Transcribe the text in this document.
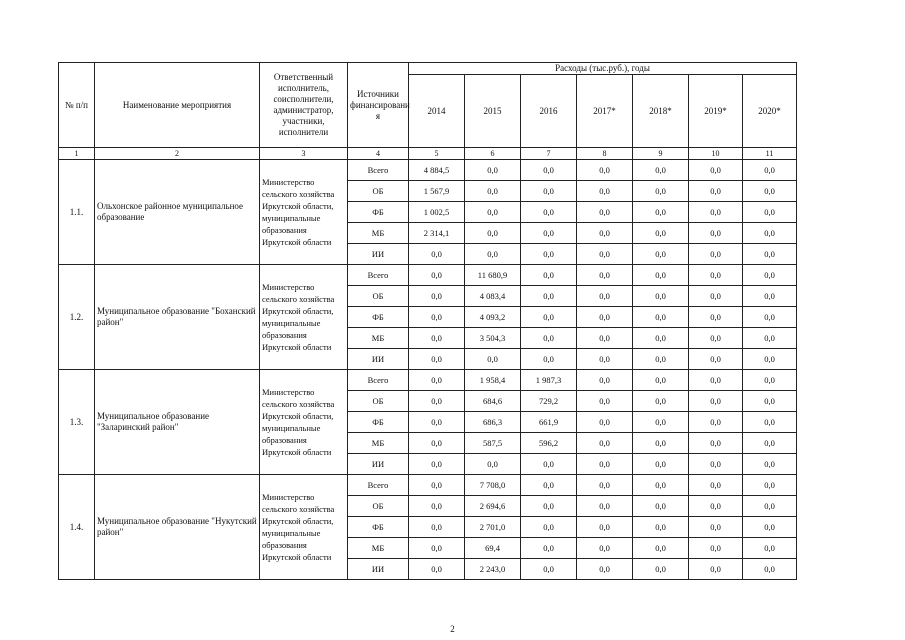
№ п/п	Наименование мероприятия	Ответственный исполнитель, соисполнители, администратор, участники, исполнители	Источники финансировани я	Расходы (тыс.руб.), годы						
				2014	2015	2016	2017*	2018*	2019*	2020*
1	2	3	4	5	6	7	8	9	10	11
1.1.	Ольхонское районное муниципальное образование	Министерство сельского хозяйства Иркутской области, муниципальные образования Иркутской области	Всего	4 884,5	0,0	0,0	0,0	0,0	0,0	0,0
			ОБ	1 567,9	0,0	0,0	0,0	0,0	0,0	0,0
			ФБ	1 002,5	0,0	0,0	0,0	0,0	0,0	0,0
			МБ	2 314,1	0,0	0,0	0,0	0,0	0,0	0,0
			ИИ	0,0	0,0	0,0	0,0	0,0	0,0	0,0
1.2.	Муниципальное образование "Боханский район"	Министерство сельского хозяйства Иркутской области, муниципальные образования Иркутской области	Всего	0,0	11 680,9	0,0	0,0	0,0	0,0	0,0
			ОБ	0,0	4 083,4	0,0	0,0	0,0	0,0	0,0
			ФБ	0,0	4 093,2	0,0	0,0	0,0	0,0	0,0
			МБ	0,0	3 504,3	0,0	0,0	0,0	0,0	0,0
			ИИ	0,0	0,0	0,0	0,0	0,0	0,0	0,0
1.3.	Муниципальное образование "Заларинский район"	Министерство сельского хозяйства Иркутской области, муниципальные образования Иркутской области	Всего	0,0	1 958,4	1 987,3	0,0	0,0	0,0	0,0
			ОБ	0,0	684,6	729,2	0,0	0,0	0,0	0,0
			ФБ	0,0	686,3	661,9	0,0	0,0	0,0	0,0
			МБ	0,0	587,5	596,2	0,0	0,0	0,0	0,0
			ИИ	0,0	0,0	0,0	0,0	0,0	0,0	0,0
1.4.	Муниципальное образование "Нукутский район"	Министерство сельского хозяйства Иркутской области, муниципальные образования Иркутской области	Всего	0,0	7 708,0	0,0	0,0	0,0	0,0	0,0
			ОБ	0,0	2 694,6	0,0	0,0	0,0	0,0	0,0
			ФБ	0,0	2 701,0	0,0	0,0	0,0	0,0	0,0
			МБ	0,0	69,4	0,0	0,0	0,0	0,0	0,0
			ИИ	0,0	2 243,0	0,0	0,0	0,0	0,0	0,0
2
